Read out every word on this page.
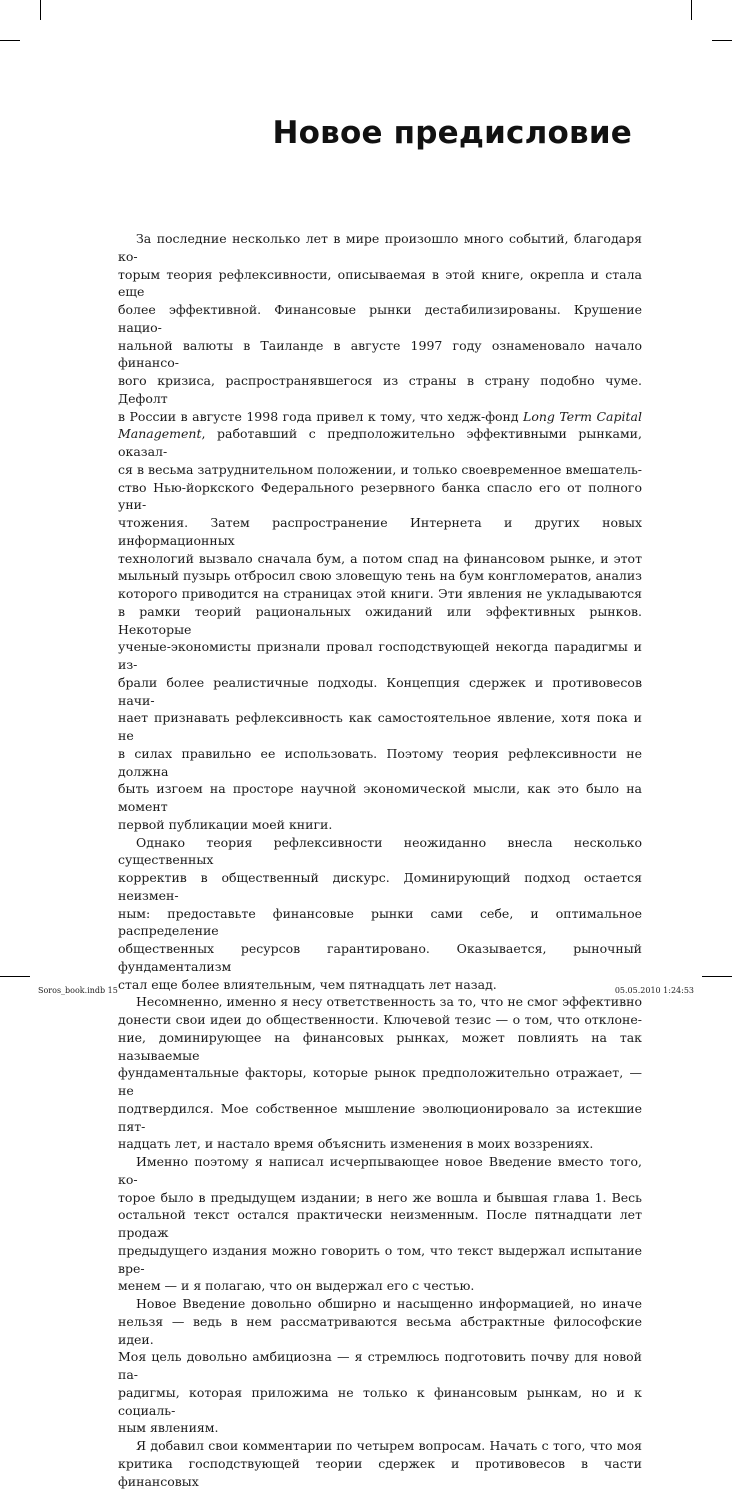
Новое предисловие

За последние несколько лет в мире произошло много событий, благодаря ко-

торым теория рефлексивности, описываемая в этой книге, окрепла и стала еще

более эффективной. Финансовые рынки дестабилизированы. Крушение нацио-

нальной валюты в Таиланде в августе 1997 году ознаменовало начало финансо-

вого кризиса, распространявшегося из страны в страну подобно чуме. Дефолт

в России в августе 1998 года привел к тому, что хедж-фонд Long Term Capital

Management, работавший с предположительно эффективными рынками, оказал-

ся в весьма затруднительном положении, и только своевременное вмешатель-

ство Нью-йоркского Федерального резервного банка спасло его от полного уни-

чтожения. Затем распространение Интернета и других новых информационных

технологий вызвало сначала бум, а потом спад на финансовом рынке, и этот

мыльный пузырь отбросил свою зловещую тень на бум конгломератов, анализ

которого приводится на страницах этой книги. Эти явления не укладываются

в рамки теорий рациональных ожиданий или эффективных рынков. Некоторые

ученые-экономисты признали провал господствующей некогда парадигмы и из-

брали более реалистичные подходы. Концепция сдержек и противовесов начи-

нает признавать рефлексивность как самостоятельное явление, хотя пока и не

в силах правильно ее использовать. Поэтому теория рефлексивности не должна

быть изгоем на просторе научной экономической мысли, как это было на момент

первой публикации моей книги.

Однако теория рефлексивности неожиданно внесла несколько существенных

корректив в общественный дискурс. Доминирующий подход остается неизмен-

ным: предоставьте финансовые рынки сами себе, и оптимальное распределение

общественных ресурсов гарантировано. Оказывается, рыночный фундаментализм

стал еще более влиятельным, чем пятнадцать лет назад.

Несомненно, именно я несу ответственность за то, что не смог эффективно

донести свои идеи до общественности. Ключевой тезис — о том, что отклоне-

ние, доминирующее на финансовых рынках, может повлиять на так называемые

фундаментальные факторы, которые рынок предположительно отражает, — не

подтвердился. Мое собственное мышление эволюционировало за истекшие пят-

надцать лет, и настало время объяснить изменения в моих воззрениях.

Именно поэтому я написал исчерпывающее новое Введение вместо того, ко-

торое было в предыдущем издании; в него же вошла и бывшая глава 1. Весь

остальной текст остался практически неизменным. После пятнадцати лет продаж

предыдущего издания можно говорить о том, что текст выдержал испытание вре-

менем — и я полагаю, что он выдержал его с честью.

Новое Введение довольно обширно и насыщенно информацией, но иначе

нельзя — ведь в нем рассматриваются весьма абстрактные философские идеи.

Моя цель довольно амбициозна — я стремлюсь подготовить почву для новой па-

радигмы, которая приложима не только к финансовым рынкам, но и к социаль-

ным явлениям.

Я добавил свои комментарии по четырем вопросам. Начать с того, что моя

критика господствующей теории сдержек и противовесов в части финансовых

Soros_book.indb 15	05.05.2010 1:24:53
